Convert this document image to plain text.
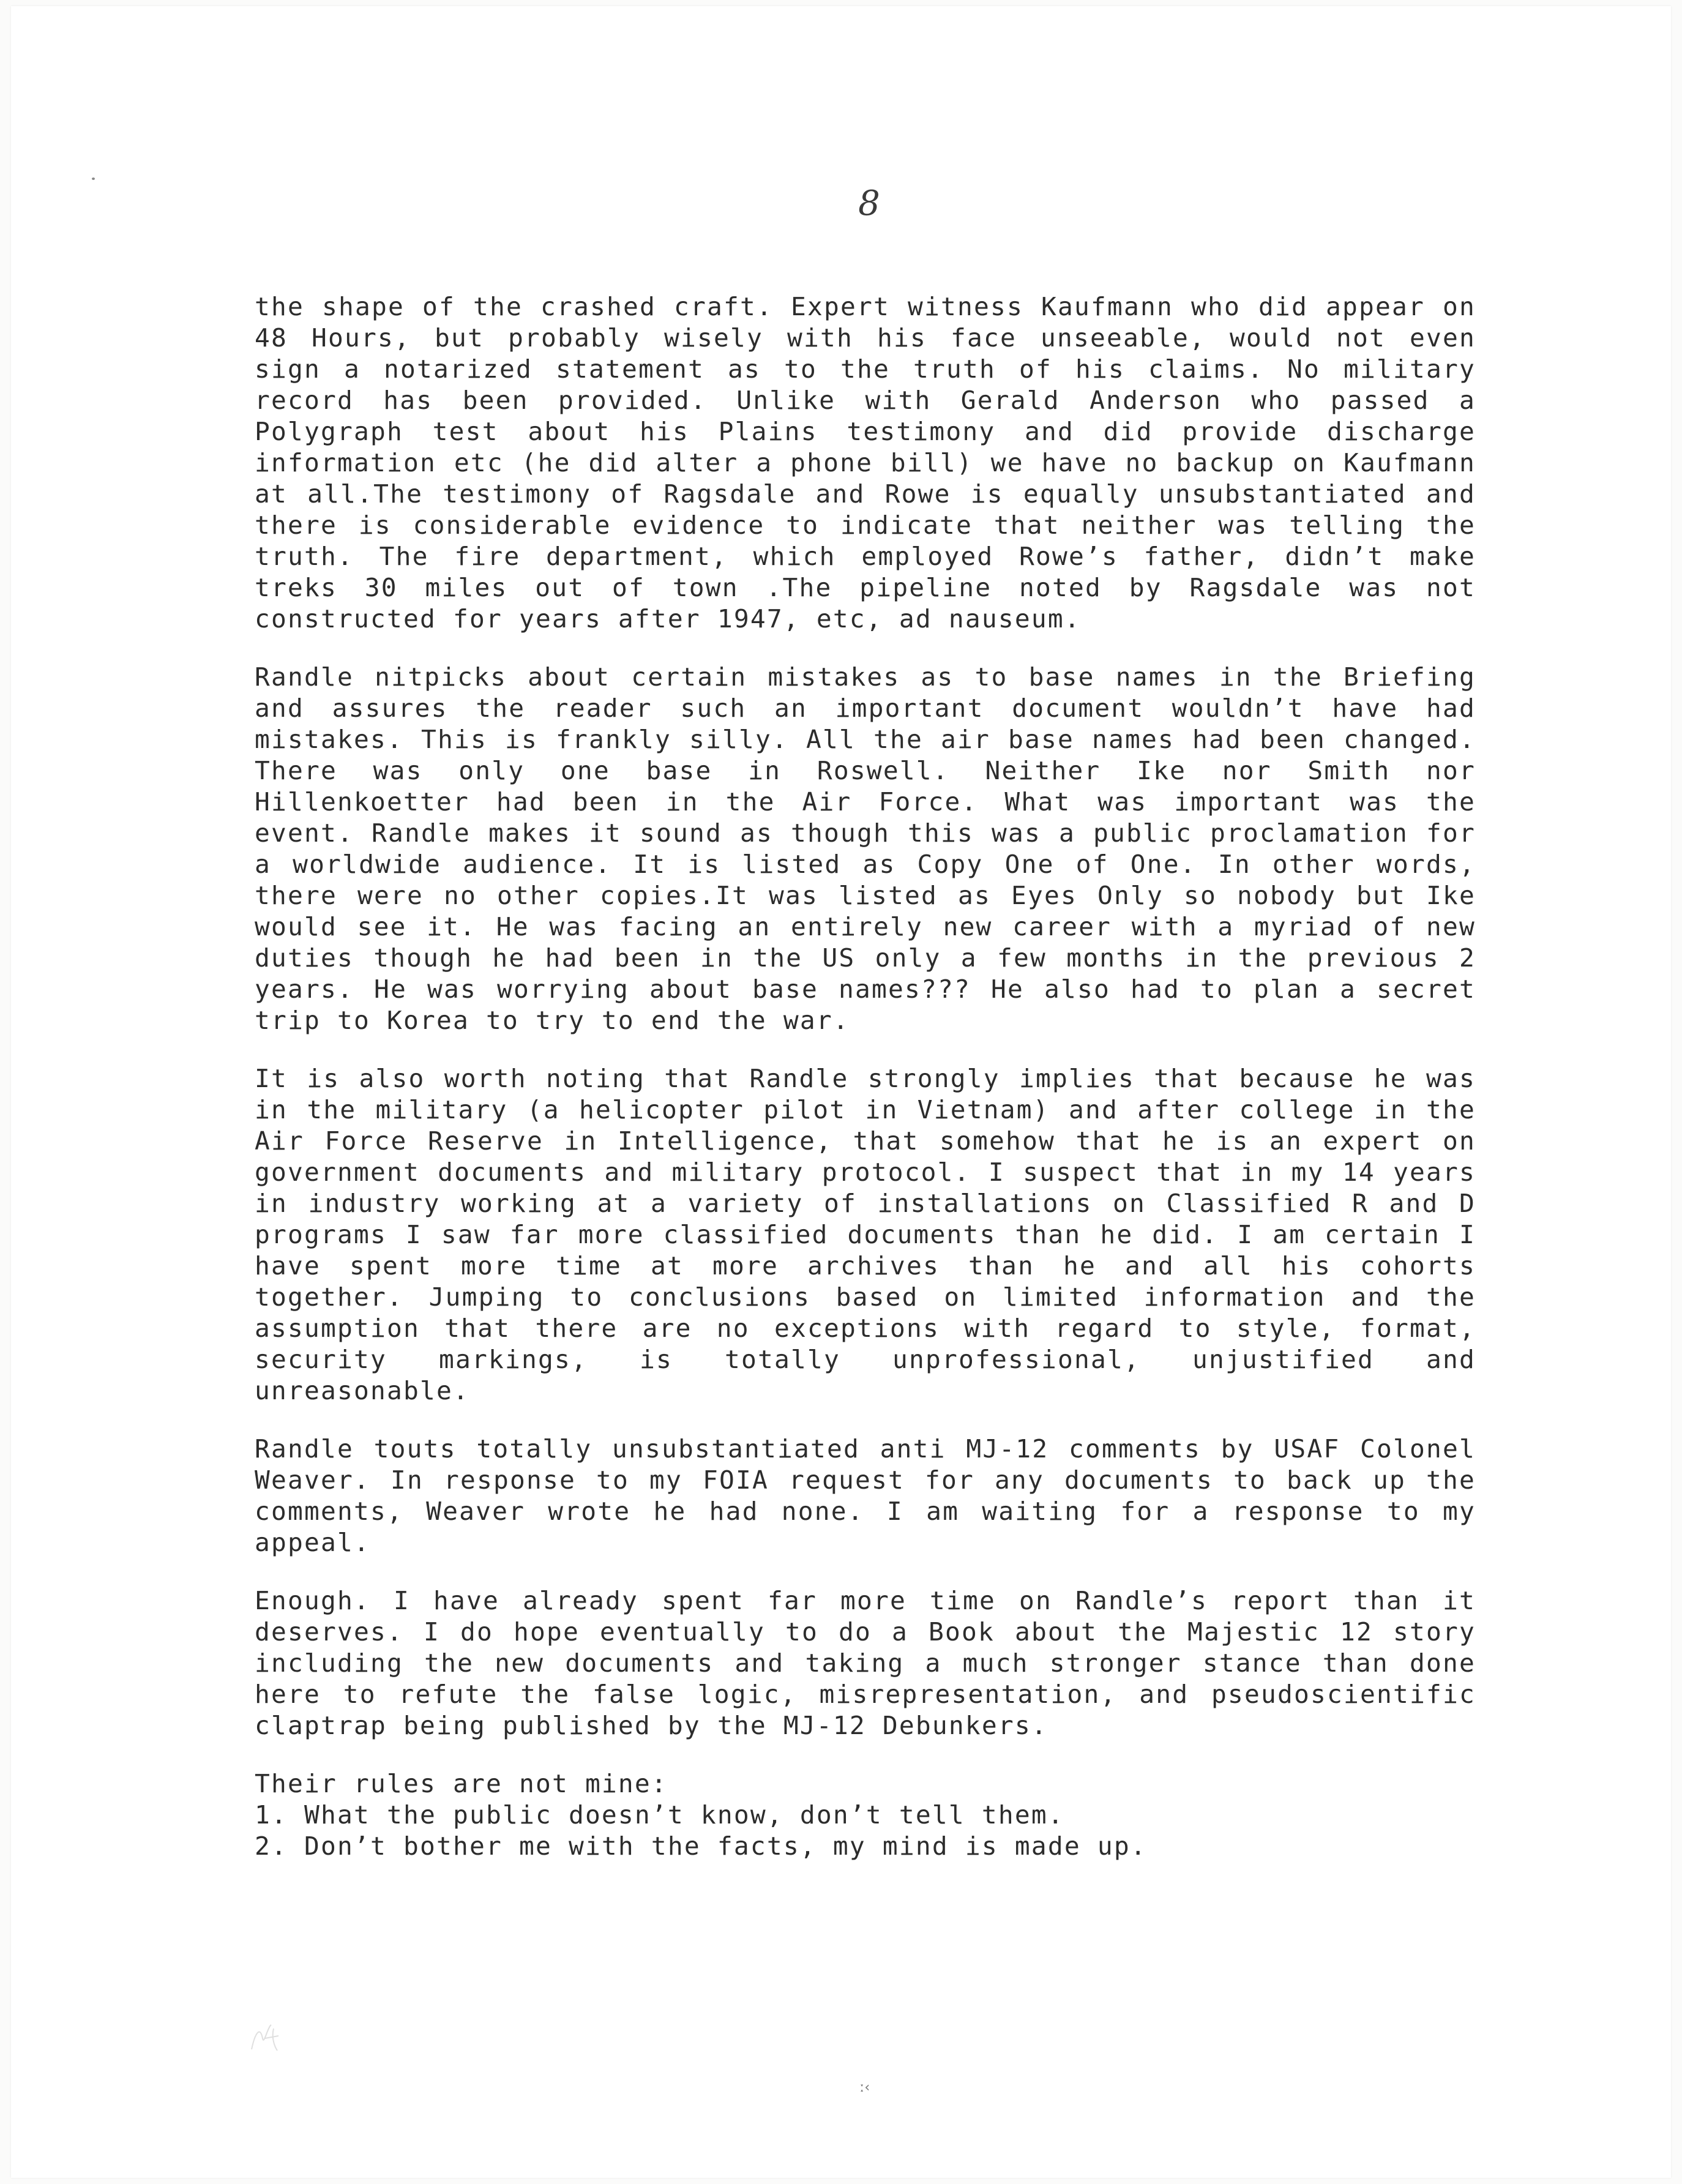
8

the shape of the crashed craft. Expert witness Kaufmann who did appear on 48 Hours, but probably wisely with his face unseeable, would not even sign a notarized statement as to the truth of his claims. No military record has been provided. Unlike with Gerald Anderson who passed a Polygraph test about his Plains testimony and did provide discharge information etc (he did alter a phone bill) we have no backup on Kaufmann at all.The testimony of Ragsdale and Rowe is equally unsubstantiated and there is considerable evidence to indicate that neither was telling the truth. The fire department, which employed Rowe’s father, didn’t make treks 30 miles out of town .The pipeline noted by Ragsdale was not constructed for years after 1947, etc, ad nauseum.

Randle nitpicks about certain mistakes as to base names in the Briefing and assures the reader such an important document wouldn’t have had mistakes. This is frankly silly. All the air base names had been changed. There was only one base in Roswell. Neither Ike nor Smith nor Hillenkoetter had been in the Air Force. What was important was the event. Randle makes it sound as though this was a public proclamation for a worldwide audience. It is listed as Copy One of One. In other words, there were no other copies.It was listed as Eyes Only so nobody but Ike would see it. He was facing an entirely new career with a myriad of new duties though he had been in the US only a few months in the previous 2 years. He was worrying about base names??? He also had to plan a secret trip to Korea to try to end the war.

It is also worth noting that Randle strongly implies that because he was in the military (a helicopter pilot in Vietnam) and after college in the Air Force Reserve in Intelligence, that somehow that he is an expert on government documents and military protocol. I suspect that in my 14 years in industry working at a variety of installations on Classified R and D programs I saw far more classified documents than he did. I am certain I have spent more time at more archives than he and all his cohorts together. Jumping to conclusions based on limited information and the assumption that there are no exceptions with regard to style, format, security markings, is totally unprofessional, unjustified and unreasonable.

Randle touts totally unsubstantiated anti MJ-12 comments by USAF Colonel Weaver. In response to my FOIA request for any documents to back up the comments, Weaver wrote he had none. I am waiting for a response to my appeal.

Enough. I have already spent far more time on Randle’s report than it deserves. I do hope eventually to do a Book about the Majestic 12 story including the new documents and taking a much stronger stance than done here to refute the false logic, misrepresentation, and pseudoscientific claptrap being published by the MJ-12 Debunkers.

Their rules are not mine:

1. What the public doesn’t know, don’t tell them.

2. Don’t bother me with the facts, my mind is made up.

ː‹
